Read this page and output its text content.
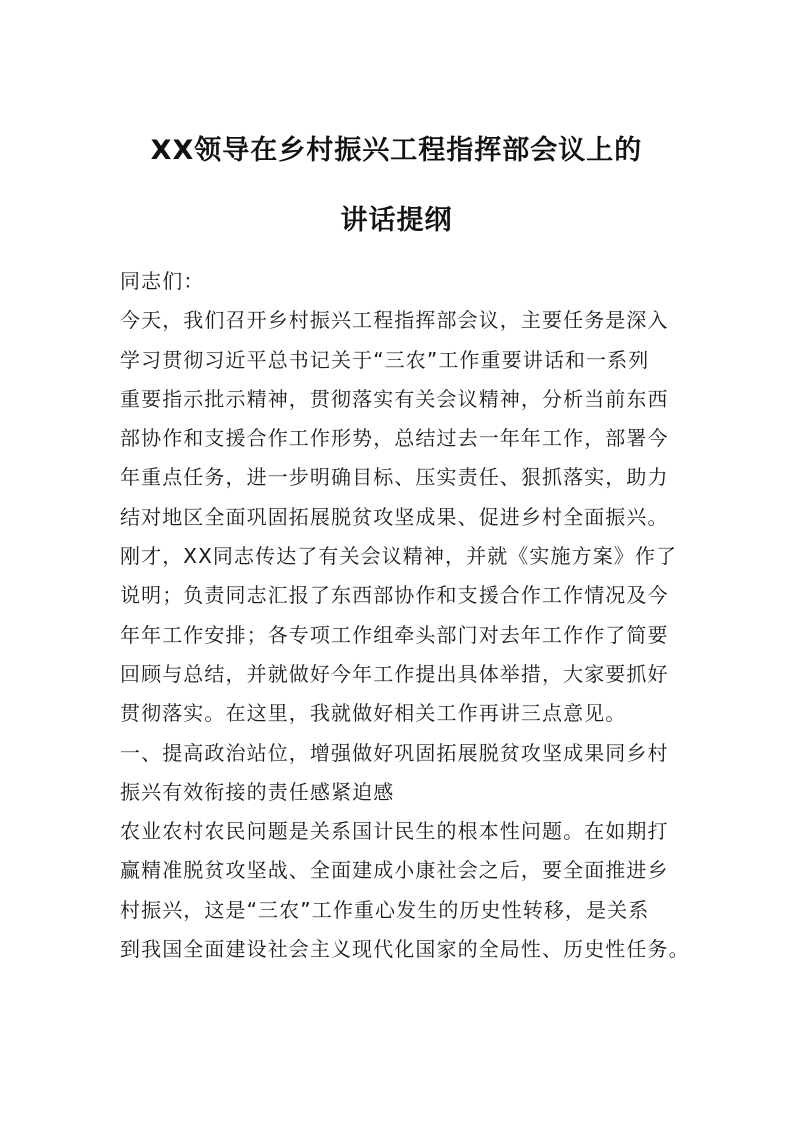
XX领导在乡村振兴工程指挥部会议上的
讲话提纲
同志们：
今天，我们召开乡村振兴工程指挥部会议，主要任务是深入
学习贯彻习近平总书记关于“三农”工作重要讲话和一系列
重要指示批示精神，贯彻落实有关会议精神，分析当前东西
部协作和支援合作工作形势，总结过去一年年工作，部署今
年重点任务，进一步明确目标、压实责任、狠抓落实，助力
结对地区全面巩固拓展脱贫攻坚成果、促进乡村全面振兴。
刚才，XX同志传达了有关会议精神，并就《实施方案》作了
说明；负责同志汇报了东西部协作和支援合作工作情况及今
年年工作安排；各专项工作组牵头部门对去年工作作了简要
回顾与总结，并就做好今年工作提出具体举措，大家要抓好
贯彻落实。在这里，我就做好相关工作再讲三点意见。
一、提高政治站位，增强做好巩固拓展脱贫攻坚成果同乡村
振兴有效衔接的责任感紧迫感
农业农村农民问题是关系国计民生的根本性问题。在如期打
赢精准脱贫攻坚战、全面建成小康社会之后，要全面推进乡
村振兴，这是“三农”工作重心发生的历史性转移，是关系
到我国全面建设社会主义现代化国家的全局性、历史性任务。
